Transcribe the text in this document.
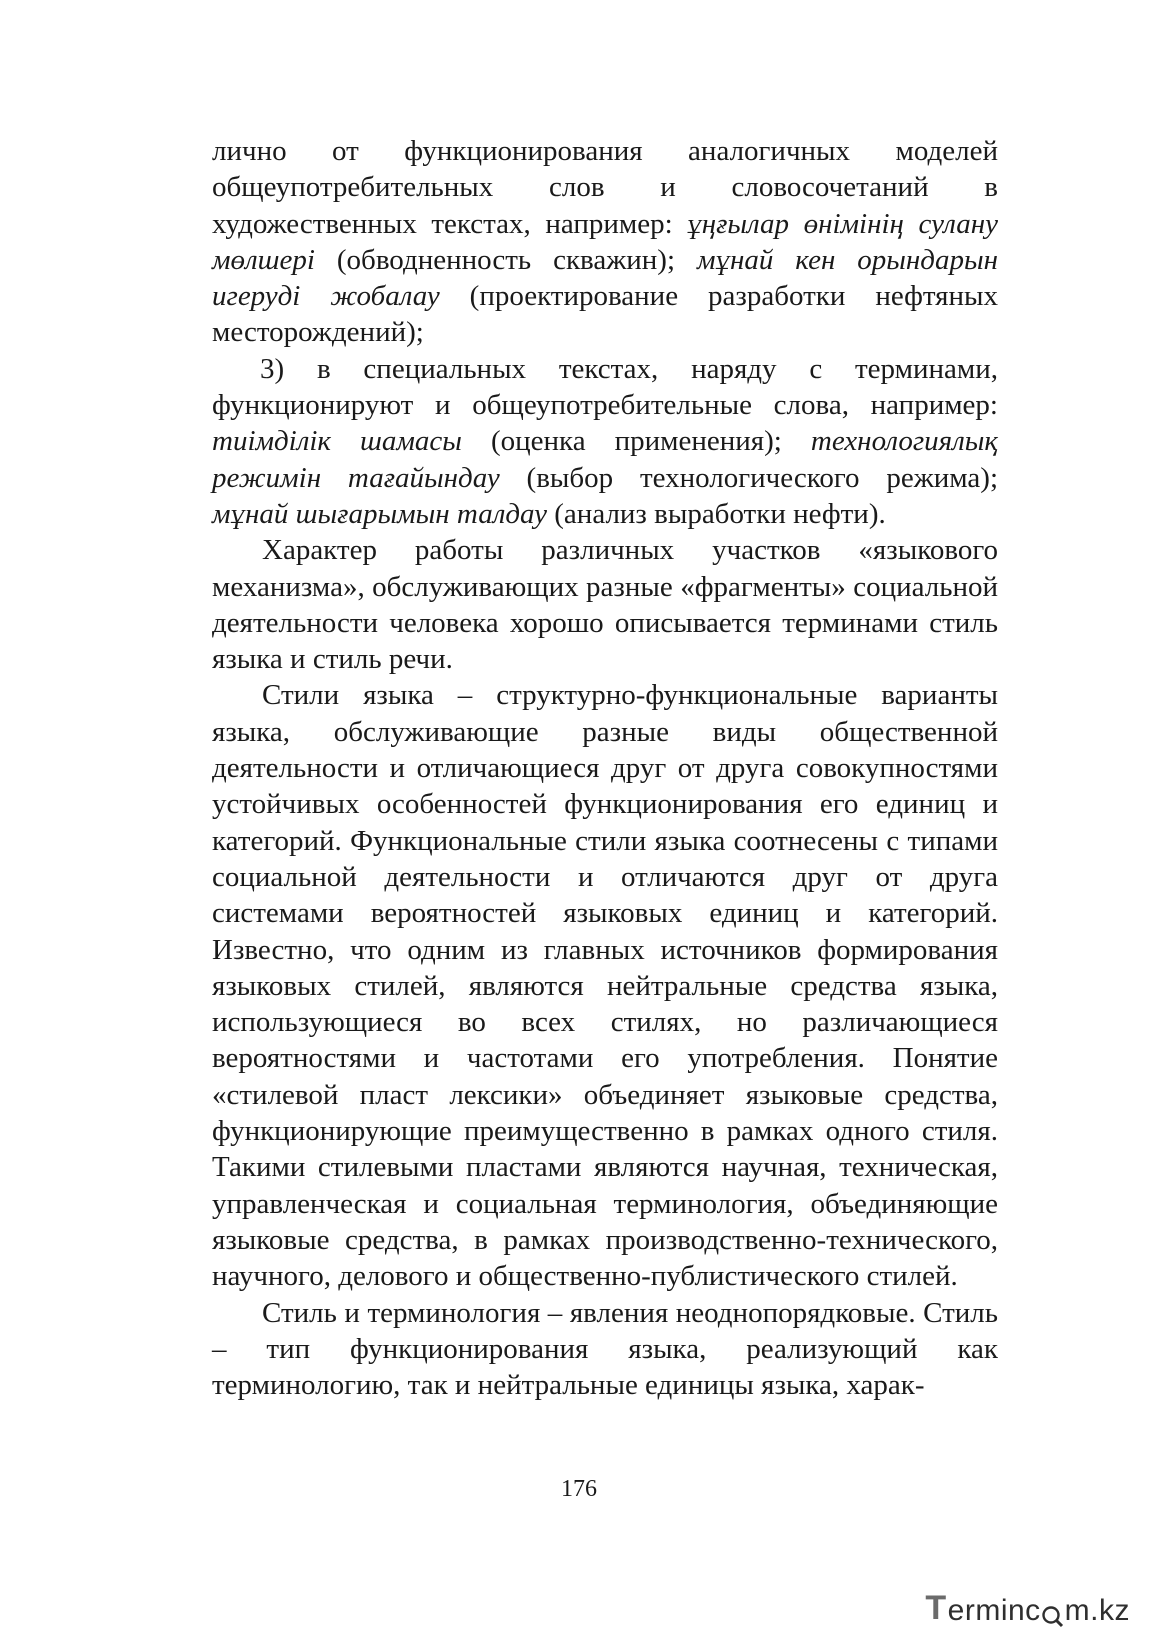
лично от функционирования аналогичных моделей общеупотребительных слов и словосочетаний в художественных текстах, например: ұңғылар өнімінің сулану мөлшері (обводненность скважин); мұнай кен орындарын игеруді жобалау (проектирование разработки нефтяных месторождений);

3) в специальных текстах, наряду с терминами, функционируют и общеупотребительные слова, например: тиімділік шамасы (оценка применения); технологиялық режимін тағайындау (выбор технологического режима); мұнай шығарымын талдау (анализ выработки нефти).

Характер работы различных участков «языкового механизма», обслуживающих разные «фрагменты» социальной деятельности человека хорошо описывается терминами стиль языка и стиль речи.

Стили языка – структурно-функциональные варианты языка, обслуживающие разные виды общественной деятельности и отличающиеся друг от друга совокупностями устойчивых особенностей функционирования его единиц и категорий. Функциональные стили языка соотнесены с типами социальной деятельности и отличаются друг от друга системами вероятностей языковых единиц и категорий. Известно, что одним из главных источников формирования языковых стилей, являются нейтральные средства языка, использующиеся во всех стилях, но различающиеся вероятностями и частотами его употребления. Понятие «стилевой пласт лексики» объединяет языковые средства, функционирующие преимущественно в рамках одного стиля. Такими стилевыми пластами являются научная, техническая, управленческая и социальная терминология, объединяющие языковые средства, в рамках производственно-технического, научного, делового и общественно-публистического стилей.

Стиль и терминология – явления неоднопорядковые. Стиль – тип функционирования языка, реализующий как терминологию, так и нейтральные единицы языка, харак-

176
T erminc m.kz
